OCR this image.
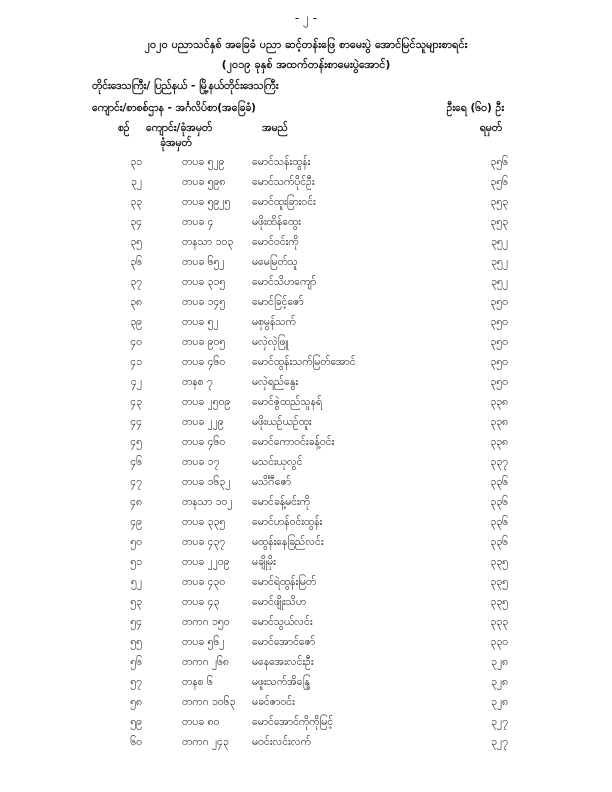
- ၂ -
၂၀၂၀ ပညာသင်နှစ် အခြေခံ ပညာ ဆင့်တန်းဖြေ စာမေးပွဲ အောင်မြင်သူများစာရင်း
(၂၀၁၉ ခုနှစ် အထက်တန်းစာမေးပွဲအောင်)
တိုင်းဒေသကြီး/ ပြည်နယ် - မြို့နယ်တိုင်းဒေသကြီး
ကျောင်း/စာစစ်ဌာန - အင်္ဂလိပ်စာ(အခြေခံ)	ဦးရေ (၆၀) ဦး
စဉ် ကျောင်း/ခုံအမှတ်
ခုံအမှတ်
အမည်	ရမှတ်
၃၁	တပခ ၅၂၉	မောင်သန်းထွန်း	၃၅၆
၃၂	တပခ ၅၉၈	မောင်သက်ပိုင်ဦး	၃၅၆
၃၃	တပခ ၅၉၂၅ မောင်ထူးခြားဝင်း	၃၅၃
၃၄	တပခ ၄	မဖိုးထိန်ထွေး	၃၅၃
၃၅	တနသာ ၁၀၃ မောင်ဝင်းကို	၃၅၂
၃၆	တပခ ၆၅၂	မမေမြတ်သူ	၃၅၂
၃၇	တပခ ၃၁၅	မောင်သိဟကျော်	၃၅၂
၃၈	တပခ ၁၄၅	မောင်ခြင့်ဇော်	၃၅၀
၃၉	တပခ ၅၂	မစုမွန်သက်	၃၅၀
၄၀	တပခ ၉၀၅	မလှဲလှဲဖြူ	၃၅၀
၄၁	တပခ ၄၆၀	မောင်ထွန်းသက်မြတ်အောင်	၃၅၀
၄၂	တနစ ၇	မလှဲရည်နွေး	၃၅၀
၄၃	တပခ ၂၅၀၉ မောင်ဇွဲထည်သူနရ်	၃၃၈
၄၄	တပခ ၂၂၉	မဖိုးယဉ်ယဉ်ထူး	၃၃၈
၄၅	တပခ ၄၆၀	မောင်ကောဝင်းခန့်ဝင်း	၃၃၈
၄၆	တပခ ၁၇	မသင်းယုလွင်	၃၃၇
၄၇	တပခ ၁၆၃၂ မသိင်္ဂီဇော်	၃၃၆
၄၈	တနသာ ၁၀၂ မောင်ခန့်မင်းကို	၃၃၆
၄၉	တပခ ၃၃၅	မောင်ဟန်ဝင်းထွန်း	၃၃၆
၅၀	တပခ ၄၃၇	မထွန်းနေခြည်လင်း	၃၃၆
၅၁	တပခ ၂၂၀၉ မချိုမိုး	၃၃၅
၅၂	တပခ ၄၃၀	မောင်ရဲထွန်းမြတ်	၃၃၅
၅၃	တပခ ၄၃	မောင်ဖျိုးသိဟ	၃၃၅
၅၄	တကဂ ၁၅၀ မောင်သွယ်လင်း	၃၃၃
၅၅	တပခ ၅၆၂	မောင်အောင်ဇော်	၃၃၀
၅၆	တကဂ ၂၆၈ မနေအေးလင်းဦး	၃၂၈
၅၇	တနစ ၆	မဖူးသက်အိန္ဒြေ	၃၂၈
၅၈	တကဂ ၁၀၆၃ မခင်ဇာဝင်း	၃၂၈
၅၉	တပခ ၈၀	မောင်အောင်ကိုကိုမြင့်	၃၂၇
၆၀	တကဂ ၂၄၃ မဝင်းလင်းလက်	၃၂၇
